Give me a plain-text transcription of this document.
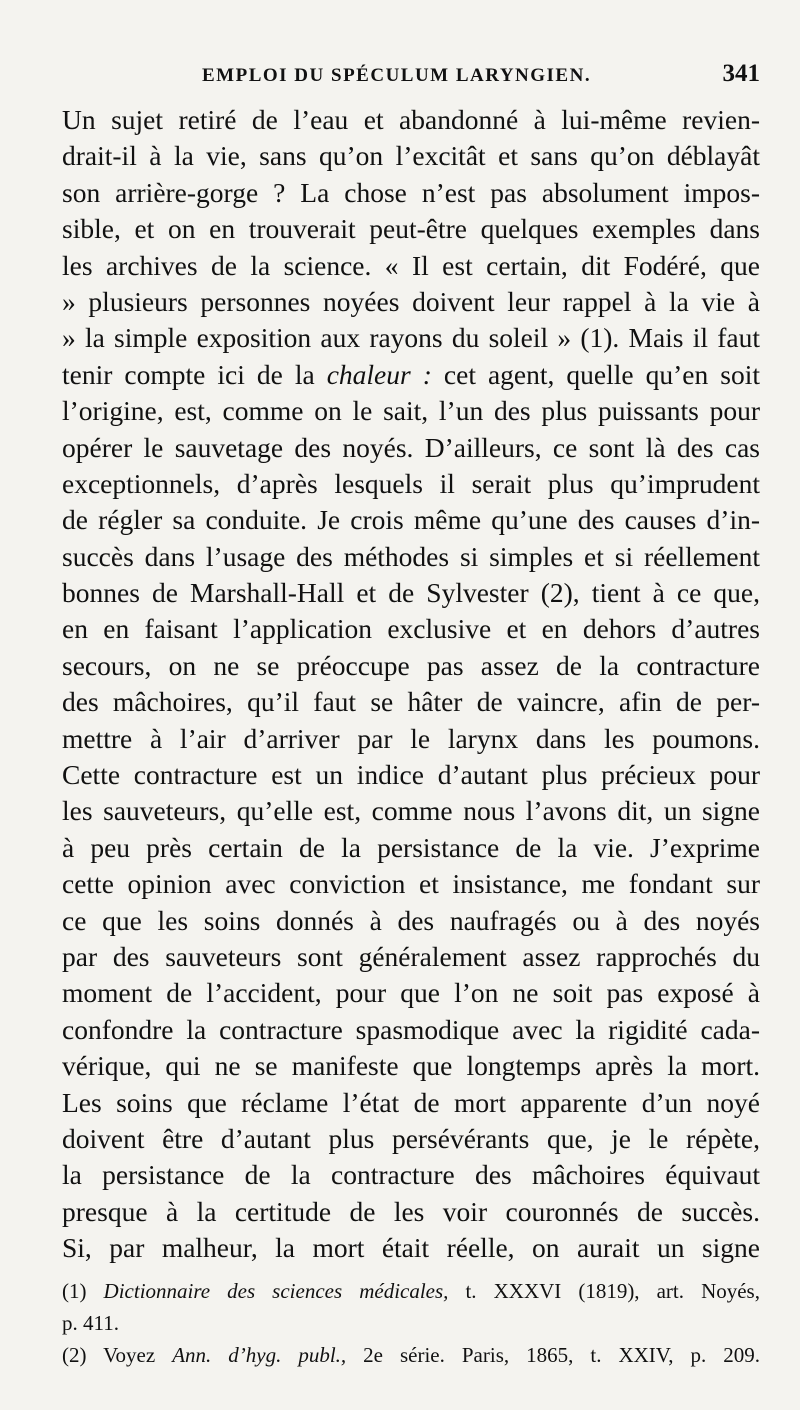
EMPLOI DU SPÉCULUM LARYNGIEN.	341
Un sujet retiré de l’eau et abandonné à lui-même revien-
drait-il à la vie, sans qu’on l’excitât et sans qu’on déblayât
son arrière-gorge ? La chose n’est pas absolument impos-
sible, et on en trouverait peut-être quelques exemples dans
les archives de la science. « Il est certain, dit Fodéré, que
» plusieurs personnes noyées doivent leur rappel à la vie à
» la simple exposition aux rayons du soleil » (1). Mais il faut
tenir compte ici de la chaleur : cet agent, quelle qu’en soit
l’origine, est, comme on le sait, l’un des plus puissants pour
opérer le sauvetage des noyés. D’ailleurs, ce sont là des cas
exceptionnels, d’après lesquels il serait plus qu’imprudent
de régler sa conduite. Je crois même qu’une des causes d’in-
succès dans l’usage des méthodes si simples et si réellement
bonnes de Marshall-Hall et de Sylvester (2), tient à ce que,
en en faisant l’application exclusive et en dehors d’autres
secours, on ne se préoccupe pas assez de la contracture
des mâchoires, qu’il faut se hâter de vaincre, afin de per-
mettre à l’air d’arriver par le larynx dans les poumons.
Cette contracture est un indice d’autant plus précieux pour
les sauveteurs, qu’elle est, comme nous l’avons dit, un signe
à peu près certain de la persistance de la vie. J’exprime
cette opinion avec conviction et insistance, me fondant sur
ce que les soins donnés à des naufragés ou à des noyés
par des sauveteurs sont généralement assez rapprochés du
moment de l’accident, pour que l’on ne soit pas exposé à
confondre la contracture spasmodique avec la rigidité cada-
vérique, qui ne se manifeste que longtemps après la mort.
Les soins que réclame l’état de mort apparente d’un noyé
doivent être d’autant plus persévérants que, je le répète,
la persistance de la contracture des mâchoires équivaut
presque à la certitude de les voir couronnés de succès.
Si, par malheur, la mort était réelle, on aurait un signe
(1) Dictionnaire des sciences médicales, t. XXXVI (1819), art. Noyés,
p. 411.
(2) Voyez Ann. d’hyg. publ., 2e série. Paris, 1865, t. XXIV, p. 209.
